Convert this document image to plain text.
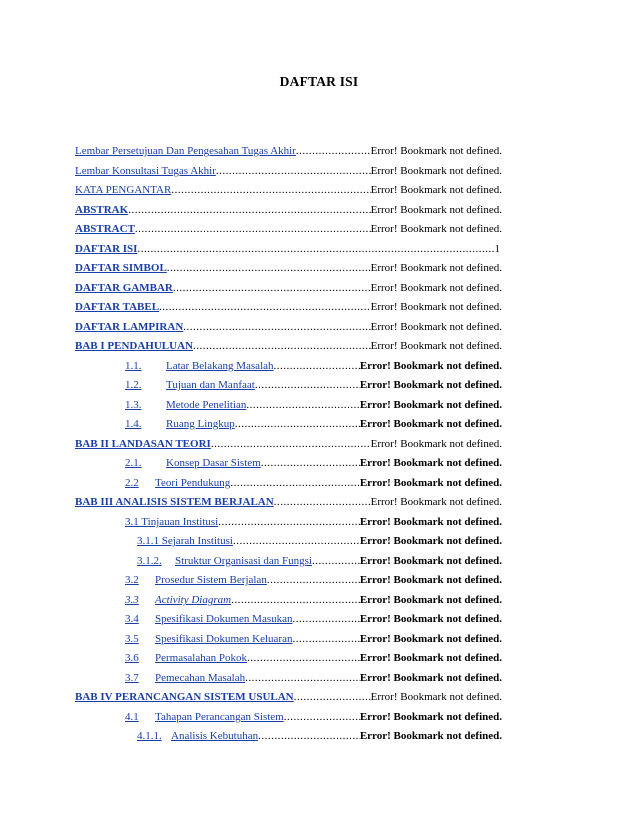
DAFTAR ISI
Lembar Persetujuan Dan Pengesahan Tugas Akhir .....	Error! Bookmark not defined.
Lembar Konsultasi Tugas Akhir .....	Error! Bookmark not defined.
KATA PENGANTAR .....	Error! Bookmark not defined.
ABSTRAK .....	Error! Bookmark not defined.
ABSTRACT .....	Error! Bookmark not defined.
DAFTAR ISI .....	1
DAFTAR SIMBOL .....	Error! Bookmark not defined.
DAFTAR GAMBAR .....	Error! Bookmark not defined.
DAFTAR TABEL .....	Error! Bookmark not defined.
DAFTAR LAMPIRAN .....	Error! Bookmark not defined.
BAB I PENDAHULUAN .....	Error! Bookmark not defined.
1.1.	Latar Belakang Masalah .....	Error! Bookmark not defined.
1.2.	Tujuan dan Manfaat .....	Error! Bookmark not defined.
1.3.	Metode Penelitian .....	Error! Bookmark not defined.
1.4.	Ruang Lingkup .....	Error! Bookmark not defined.
BAB II LANDASAN TEORI .....	Error! Bookmark not defined.
2.1.	Konsep Dasar Sistem .....	Error! Bookmark not defined.
2.2	Teori Pendukung .....	Error! Bookmark not defined.
BAB III ANALISIS SISTEM BERJALAN .....	Error! Bookmark not defined.
3.1 Tinjauan Institusi .....	Error! Bookmark not defined.
3.1.1 Sejarah Institusi .....	Error! Bookmark not defined.
3.1.2.	Struktur Organisasi dan Fungsi .....	Error! Bookmark not defined.
3.2	Prosedur Sistem Berjalan .....	Error! Bookmark not defined.
3.3	Activity Diagram .....	Error! Bookmark not defined.
3.4	Spesifikasi Dokumen Masukan .....	Error! Bookmark not defined.
3.5	Spesifikasi Dokumen Keluaran .....	Error! Bookmark not defined.
3.6	Permasalahan Pokok .....	Error! Bookmark not defined.
3.7	Pemecahan Masalah .....	Error! Bookmark not defined.
BAB IV PERANCANGAN SISTEM USULAN .....	Error! Bookmark not defined.
4.1	Tahapan Perancangan Sistem .....	Error! Bookmark not defined.
4.1.1. Analisis Kebutuhan .....	Error! Bookmark not defined.
